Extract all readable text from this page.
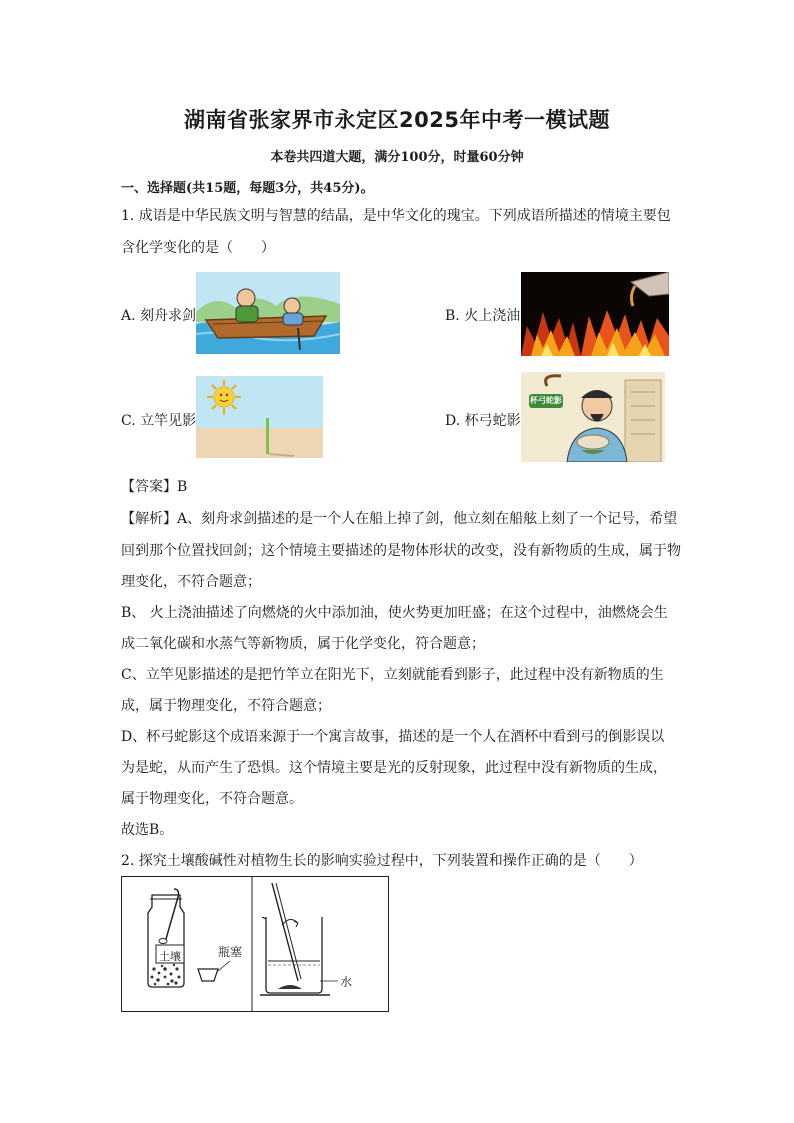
湖南省张家界市永定区2025年中考一模试题
本卷共四道大题，满分100分，时量60分钟
一、选择题(共15题，每题3分，共45分)。
1. 成语是中华民族文明与智慧的结晶，是中华文化的瑰宝。下列成语所描述的情境主要包
含化学变化的是（　　）
A. 刻舟求剑	B. 火上浇油
C. 立竿见影	D. 杯弓蛇影
杯弓蛇影
【答案】B
【解析】A、刻舟求剑描述的是一个人在船上掉了剑，他立刻在船舷上刻了一个记号，希望
回到那个位置找回剑；这个情境主要描述的是物体形状的改变，没有新物质的生成，属于物
理变化，不符合题意；
B、 火上浇油描述了向燃烧的火中添加油，使火势更加旺盛；在这个过程中，油燃烧会生
成二氧化碳和水蒸气等新物质，属于化学变化，符合题意；
C、立竿见影描述的是把竹竿立在阳光下，立刻就能看到影子，此过程中没有新物质的生
成，属于物理变化，不符合题意；
D、杯弓蛇影这个成语来源于一个寓言故事，描述的是一个人在酒杯中看到弓的倒影误以
为是蛇，从而产生了恐惧。这个情境主要是光的反射现象，此过程中没有新物质的生成，
属于物理变化，不符合题意。
故选B。
2. 探究土壤酸碱性对植物生长的影响实验过程中，下列装置和操作正确的是（　　）
土壤	瓶塞
水
